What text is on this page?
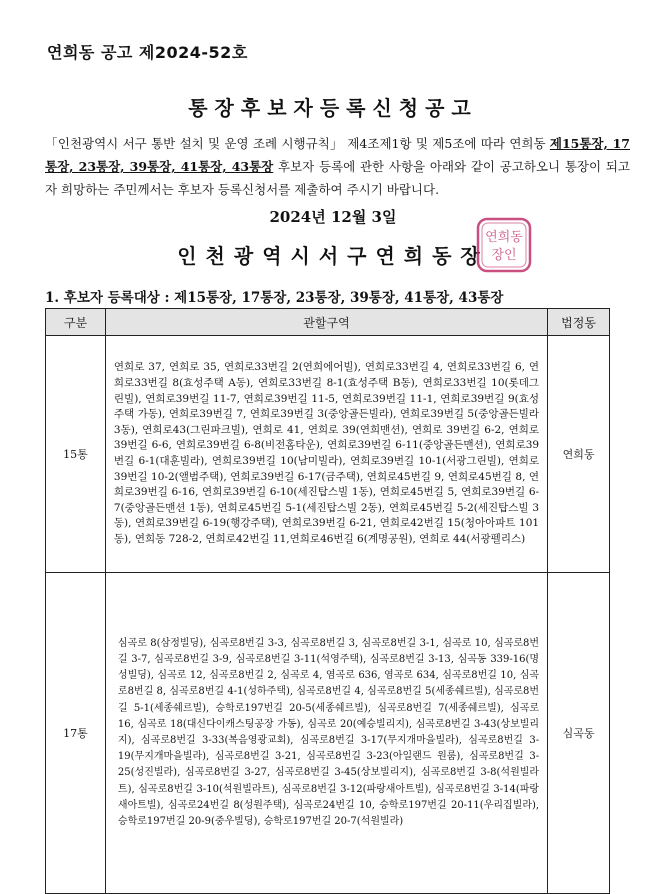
연희동 공고 제2024-52호
통장후보자등록신청공고
「인천광역시 서구 통반 설치 및 운영 조례 시행규칙」 제4조제1항 및 제5조에 따라 연희동 제15통장, 17통장, 23통장, 39통장, 41통장, 43통장 후보자 등록에 관한 사항을 아래와 같이 공고하오니 통장이 되고자 희망하는 주민께서는 후보자 등록신청서를 제출하여 주시기 바랍니다.
2024년 12월 3일
인천광역시서구연희동장
연희동
장인
1. 후보자 등록대상 : 제15통장, 17통장, 23통장, 39통장, 41통장, 43통장
구분	관할구역	법정동
15통	연희로 37, 연희로 35, 연희로33번길 2(연희에어빌), 연희로33번길 4, 연희로33번길 6, 연희로33번길 8(효성주택 A동), 연희로33번길 8-1(효성주택 B동), 연희로33번길 10(롯데그린빌), 연희로39번길 11-7, 연희로39번길 11-5, 연희로39번길 11-1, 연희로39번길 9(효성주택 가동), 연희로39번길 7, 연희로39번길 3(중앙골든빌라), 연희로39번길 5(중앙골든빌라 3동), 연희로43(그린파크빌), 연희로 41, 연희로 39(연희맨션), 연희로 39번길 6-2, 연희로39번길 6-6, 연희로39번길 6-8(비전홈타운), 연희로39번길 6-11(중앙골든맨션), 연희로39번길 6-1(대훈빌라), 연희로39번길 10(남미빌라), 연희로39번길 10-1(서광그린빌), 연희로39번길 10-2(앨범주택), 연희로39번길 6-17(금주택), 연희로45번길 9, 연희로45번길 8, 연희로39번길 6-16, 연희로39번길 6-10(세진탑스빌 1동), 연희로45번길 5, 연희로39번길 6-7(중앙골든맨션 1동), 연희로45번길 5-1(세진탑스빌 2동), 연희로45번길 5-2(세진탑스빌 3동), 연희로39번길 6-19(행강주택), 연희로39번길 6-21, 연희로42번길 15(청아아파트 101동), 연희동 728-2, 연희로42번길 11,연희로46번길 6(계명공원), 연희로 44(서광펠리스)	연희동
17통	심곡로 8(삼정빌딩), 심곡로8번길 3-3, 심곡로8번길 3, 심곡로8번길 3-1, 심곡로 10, 심곡로8번길 3-7, 심곡로8번길 3-9, 심곡로8번길 3-11(석영주택), 심곡로8번길 3-13, 심곡동 339-16(명성빌딩), 심곡로 12, 심곡로8번길 2, 심곡로 4, 염곡로 636, 염곡로 634, 심곡로8번길 10, 심곡로8번길 8, 심곡로8번길 4-1(성하주택), 심곡로8번길 4, 심곡로8번길 5(세종쉐르빌), 심곡로8번길 5-1(세종쉐르빌), 승학로197번길 20-5(세종쉐르빌), 심곡로8번길 7(세종쉐르빌), 심곡로 16, 심곡로 18(대신다이캐스팅공장 가동), 심곡로 20(예승빌리지), 심곡로8번길 3-43(상보빌리지), 심곡로8번길 3-33(복음영광교회), 심곡로8번길 3-17(무지개마을빌라), 심곡로8번길 3-19(무지개마을빌라), 심곡로8번길 3-21, 심곡로8번길 3-23(아일랜드 원룸), 심곡로8번길 3-25(성진빌라), 심곡로8번길 3-27, 심곡로8번길 3-45(상보빌리지), 심곡로8번길 3-8(석원빌라트), 심곡로8번길 3-10(석원빌라트), 심곡로8번길 3-12(파랑새아트빌), 심곡로8번길 3-14(파랑새아트빌), 심곡로24번길 8(성원주택), 심곡로24번길 10, 승학로197번길 20-11(우리집빌라), 승학로197번길 20-9(중우빌딩), 승학로197번길 20-7(석원빌라)	심곡동
